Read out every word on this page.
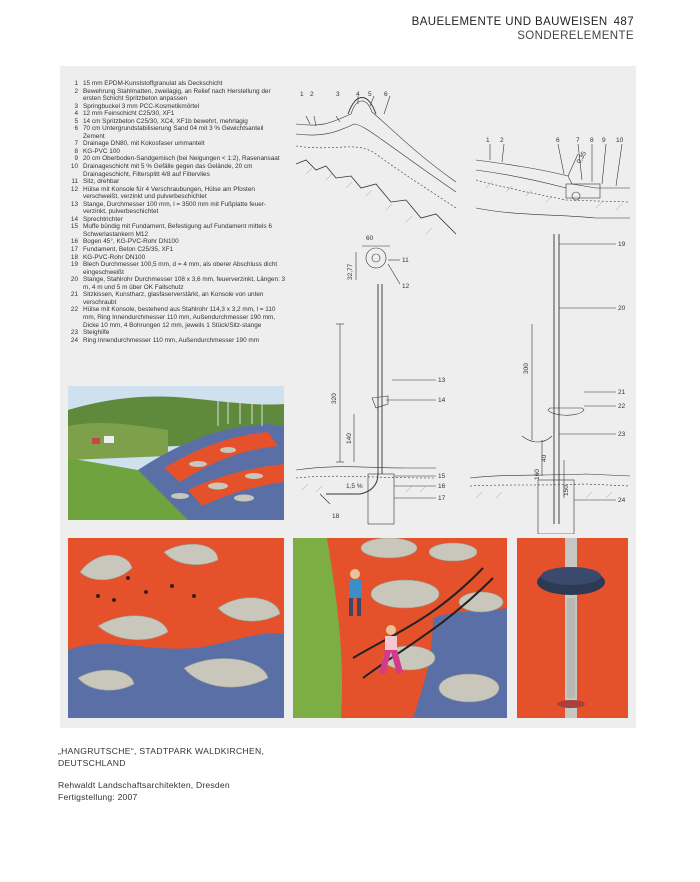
BAUELEMENTE UND BAUWEISEN 487
SONDERELEMENTE
1 15 mm EPDM-Kunststoffgranulat als Deckschicht
2 Bewehrung Stahlmatten, zweilagig, an Relief nach Herstellung der ersten Schicht Spritzbeton anpassen
3 Springbuckel 3 mm PCC-Kosmetikmörtel
4 12 mm Feinschicht C25/30, XF1
5 14 cm Spritzbeton C25/30, XC4, XF1b bewehrt, mehrlagig
6 70 cm Untergrundstabilisierung Sand 04 mit 3 % Gewichtsanteil Zement
7 Drainage DN80, mit Kokosfaser ummantelt
8 KG-PVC 100
9 20 cm Oberboden-Sandgemisch (bei Neigungen < 1:2), Rasenansaat
10 Drainageschicht mit 5 % Gefälle gegen das Gelände, 20 cm Drainageschicht, Filtersplitt 4/8 auf Filtervlies
11 Sitz, drehbar
12 Hülse mit Konsole für 4 Verschraubungen, Hülse am Pfosten verschweißt, verzinkt und pulverbeschichtet
13 Stange, Durchmesser 100 mm, l = 3500 mm mit Fußplatte feuer-verzinkt, pulverbeschichtet
14 Sprechtrichter
15 Muffe bündig mit Fundament, Befestigung auf Fundament mittels 6 Schwerlastankern M12
16 Bogen 45°, KG-PVC-Rohr DN100
17 Fundament, Beton C25/35, XF1
18 KG-PVC-Rohr DN100
19 Blech Durchmesser 100,5 mm, d = 4 mm, als oberer Abschluss dicht eingeschweißt
20 Stange, Stahlrohr Durchmesser 108 x 3,6 mm, feuerverzinkt, Längen: 3 m, 4 m und 5 m über OK Fallschutz
21 Sitzkissen, Kunstharz, glasfaserverstärkt, an Konsole von unten verschraubt
22 Hülse mit Konsole, bestehend aus Stahlrohr 114,3 x 3,2 mm, l = 110 mm, Ring Innendurchmesser 110 mm, Außendurchmesser 190 mm, Dicke 10 mm, 4 Bohrungen 12 mm, jeweils 1 Stück/Sitz-stange
23 Steighilfe
24 Ring Innendurchmesser 110 mm, Außendurchmesser 190 mm
1 2	3	4 5 6
1 2	6	7 8 9 10
0,35
60
32,77
11
12
13
14
15
16
17
18
19
20
21
22
23
24
320
140
1,5 %
300
160
40
150
„HANGRUTSCHE“, STADTPARK WALDKIRCHEN,
DEUTSCHLAND
Rehwaldt Landschaftsarchitekten, Dresden
Fertigstellung: 2007
